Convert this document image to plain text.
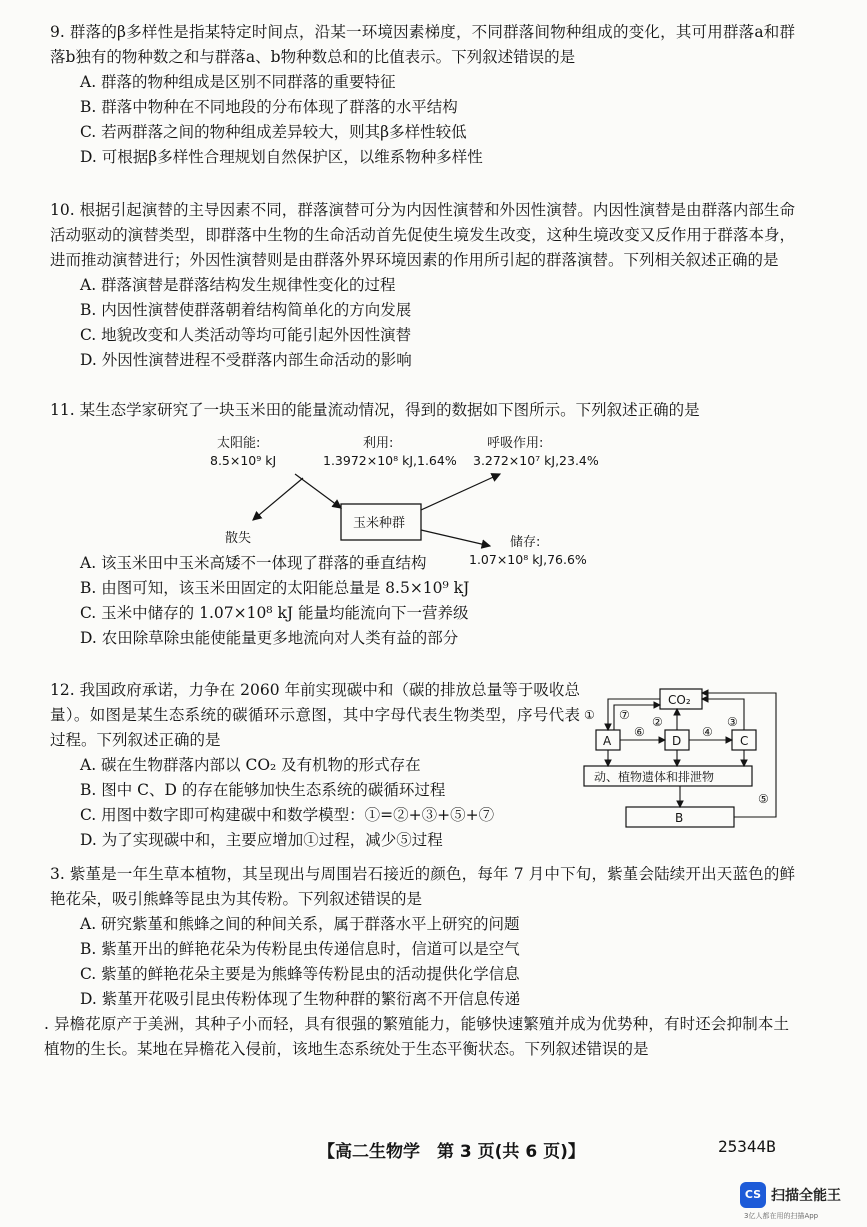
9. 群落的β多样性是指某特定时间点，沿某一环境因素梯度，不同群落间物种组成的变化，其可用群落a和群落b独有的物种数之和与群落a、b物种数总和的比值表示。下列叙述错误的是

A. 群落的物种组成是区别不同群落的重要特征

B. 群落中物种在不同地段的分布体现了群落的水平结构

C. 若两群落之间的物种组成差异较大，则其β多样性较低

D. 可根据β多样性合理规划自然保护区，以维系物种多样性

10. 根据引起演替的主导因素不同，群落演替可分为内因性演替和外因性演替。内因性演替是由群落内部生命活动驱动的演替类型，即群落中生物的生命活动首先促使生境发生改变，这种生境改变又反作用于群落本身，进而推动演替进行；外因性演替则是由群落外界环境因素的作用所引起的群落演替。下列相关叙述正确的是

A. 群落演替是群落结构发生规律性变化的过程

B. 内因性演替使群落朝着结构简单化的方向发展

C. 地貌改变和人类活动等均可能引起外因性演替

D. 外因性演替进程不受群落内部生命活动的影响

11. 某生态学家研究了一块玉米田的能量流动情况，得到的数据如下图所示。下列叙述正确的是

A. 该玉米田中玉米高矮不一体现了群落的垂直结构

B. 由图可知，该玉米田固定的太阳能总量是 8.5×10⁹ kJ

C. 玉米中储存的 1.07×10⁸ kJ 能量均能流向下一营养级

D. 农田除草除虫能使能量更多地流向对人类有益的部分

太阳能:
8.5×10⁹ kJ
利用:
1.3972×10⁸ kJ,1.64%
呼吸作用:
3.272×10⁷ kJ,23.4%
玉米种群
散失	储存:
1.07×10⁸ kJ,76.6%

12. 我国政府承诺，力争在 2060 年前实现碳中和（碳的排放总量等于吸收总量）。如图是某生态系统的碳循环示意图，其中字母代表生物类型，序号代表过程。下列叙述正确的是

A. 碳在生物群落内部以 CO₂ 及有机物的形式存在

B. 图中 C、D 的存在能够加快生态系统的碳循环过程

C. 用图中数字即可构建碳中和数学模型：①=②+③+⑤+⑦

D. 为了实现碳中和，主要应增加①过程，减少⑤过程

CO₂
A	D	C
动、植物遗体和排泄物
B
① ⑦ ②	③
⑥	④
⑤

3. 紫堇是一年生草本植物，其呈现出与周围岩石接近的颜色，每年 7 月中下旬，紫堇会陆续开出天蓝色的鲜艳花朵，吸引熊蜂等昆虫为其传粉。下列叙述错误的是

A. 研究紫堇和熊蜂之间的种间关系，属于群落水平上研究的问题

B. 紫堇开出的鲜艳花朵为传粉昆虫传递信息时，信道可以是空气

C. 紫堇的鲜艳花朵主要是为熊蜂等传粉昆虫的活动提供化学信息

D. 紫堇开花吸引昆虫传粉体现了生物种群的繁衍离不开信息传递

. 异檐花原产于美洲，其种子小而轻，具有很强的繁殖能力，能够快速繁殖并成为优势种，有时还会抑制本土植物的生长。某地在异檐花入侵前，该地生态系统处于生态平衡状态。下列叙述错误的是

【高二生物学　第 3 页(共 6 页)】	25344B
CS 扫描全能王
3亿人都在用的扫描App
